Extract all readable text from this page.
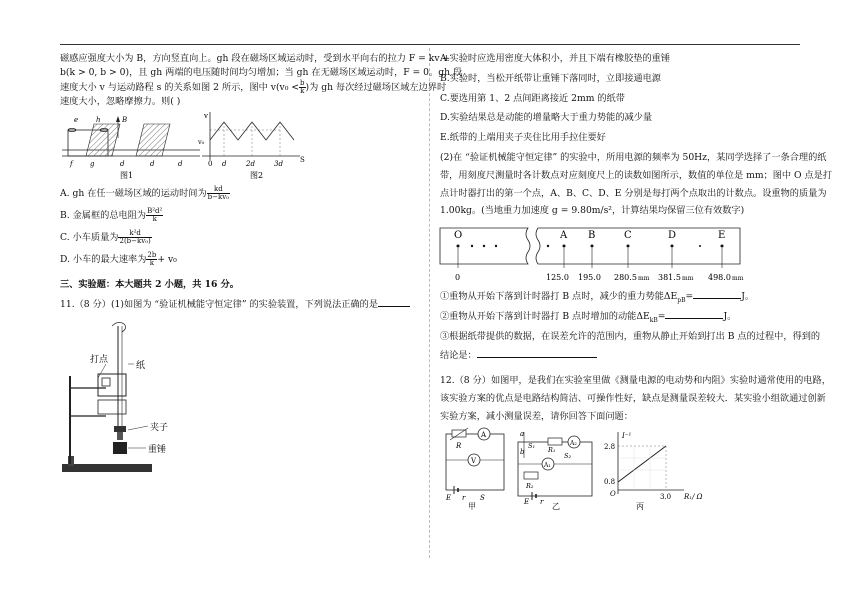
磁感应强度大小为 B，方向竖直向上。gh 段在磁场区域运动时，受到水平向右的拉力 F = kv +
b(k > 0, b > 0)，且 gh 两端的电压随时间均匀增加；当 gh 在无磁场区域运动时，F = 0。gh 段
速度大小 v 与运动路程 s 的关系如图 2 所示，图中 $v(v_0 < \frac{b}{k}$ )为 gh 每次经过磁场区域左边界时
速度大小，忽略摩擦力。则( )
e	h	B
f g	d	d	d
图1
v
v₀
0 d	2d	3d S
图2
A. gh 在任一磁场区域的运动时间为 $\frac{kd}{\text{b−kv₀}}$
B. 金属框的总电阻为 $\frac{\text{B²d²}}{k}$
C. 小车质量为 $\frac{\text{k²d}}{\text{2(b−kv₀)}}$
D. 小车的最大速率为 $\frac{2b}{k} + v_0$
三、实验题：本大题共 2 小题，共 16 分。
11.（8 分）(1)如图为 “验证机械能守恒定律” 的实验装置，下列说法正确的是
打点
纸
夹子
重锤
A.实验时应选用密度大体积小，并且下端有橡胶垫的重锤
B.实验时，当松开纸带让重锤下落同时，立即接通电源
C.要选用第 1、2 点间距离接近 2mm 的纸带
D.实验结果总是动能的增量略大于重力势能的减少量
E.纸带的上端用夹子夹住比用手拉住要好
(2)在 “验证机械能守恒定律” 的实验中，所用电源的频率为 50Hz，某同学选择了一条合理的纸
带，用刻度尺测量时各计数点对应刻度尺上的读数如图所示，数值的单位是 mm；图中 O 点是打
点计时器打出的第一个点，A、B、C、D、E 分别是每打两个点取出的计数点。设重物的质量为
1.00kg。(当地重力加速度 g = 9.80m/s²，计算结果均保留三位有效数字)
O	A B	C	D	E
0	125.0 195.0 280.5 mm 381.5 mm 498.0 mm
①重物从开始下落到计时器打 B 点时，减少的重力势能$\Delta E_{pB}=$	J。
②重物从开始下落到计时器打 B 点时增加的动能$\Delta E_{kB}=$	J。
③根据纸带提供的数据，在误差允许的范围内，重物从静止开始到打出 B 点的过程中，得到的
结论是：
12.（8 分）如图甲，是我们在实验室里做《测量电源的电动势和内阻》实验时通常使用的电路，
该实验方案的优点是电路结构简洁、可操作性好，缺点是测量误差较大．某实验小组欲通过创新
实验方案，减小测量误差，请你回答下面问题：
R
A
V
E r S
甲
a
b
S₁ R₁
A₂
A₁
S₂
R₂
E r 乙
I⁻¹
2.8
0.8
O	3.0 R₁/ Ω
丙
